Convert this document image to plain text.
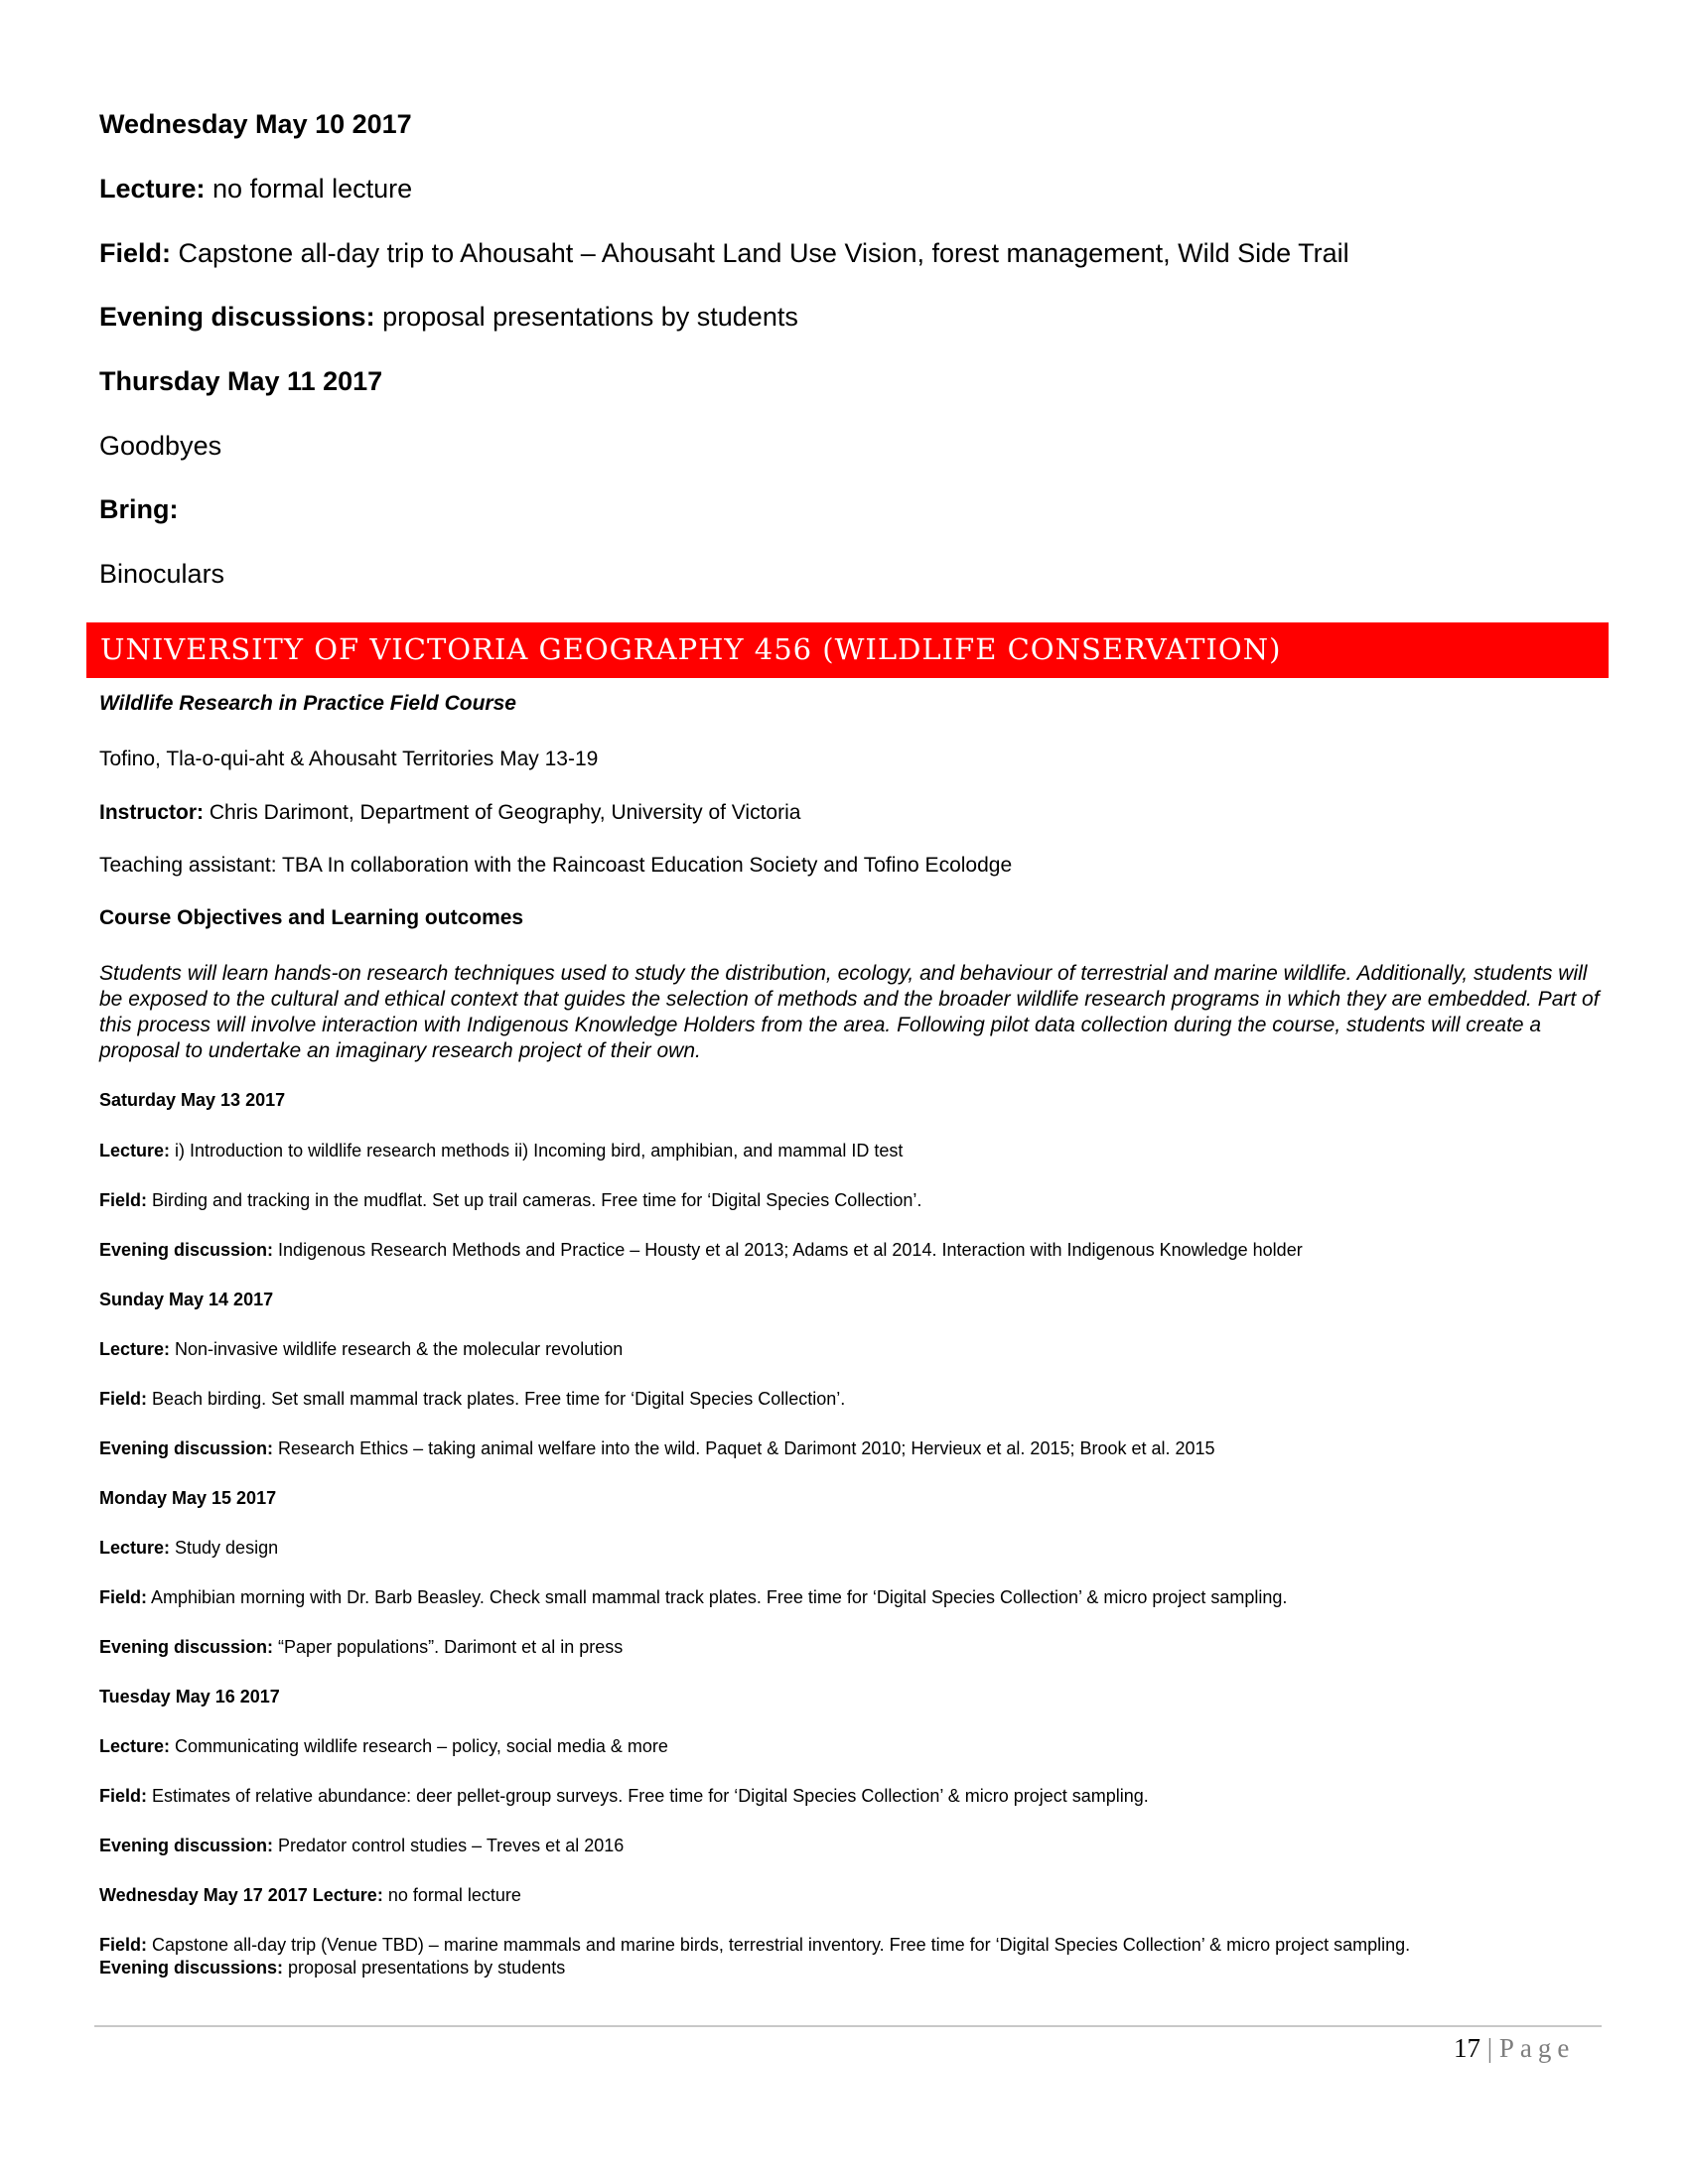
Wednesday May 10 2017
Lecture: no formal lecture
Field: Capstone all-day trip to Ahousaht – Ahousaht Land Use Vision, forest management, Wild Side Trail
Evening discussions: proposal presentations by students
Thursday May 11 2017
Goodbyes
Bring:
Binoculars
UNIVERSITY OF VICTORIA GEOGRAPHY 456 (WILDLIFE CONSERVATION)
Wildlife Research in Practice Field Course
Tofino, Tla-o-qui-aht & Ahousaht Territories May 13-19
Instructor: Chris Darimont, Department of Geography, University of Victoria
Teaching assistant: TBA In collaboration with the Raincoast Education Society and Tofino Ecolodge
Course Objectives and Learning outcomes
Students will learn hands-on research techniques used to study the distribution, ecology, and behaviour of terrestrial and marine wildlife. Additionally, students will be exposed to the cultural and ethical context that guides the selection of methods and the broader wildlife research programs in which they are embedded. Part of this process will involve interaction with Indigenous Knowledge Holders from the area. Following pilot data collection during the course, students will create a proposal to undertake an imaginary research project of their own.
Saturday May 13 2017
Lecture: i) Introduction to wildlife research methods ii) Incoming bird, amphibian, and mammal ID test
Field: Birding and tracking in the mudflat. Set up trail cameras. Free time for ‘Digital Species Collection’.
Evening discussion: Indigenous Research Methods and Practice – Housty et al 2013; Adams et al 2014. Interaction with Indigenous Knowledge holder
Sunday May 14 2017
Lecture: Non-invasive wildlife research & the molecular revolution
Field: Beach birding. Set small mammal track plates. Free time for ‘Digital Species Collection’.
Evening discussion: Research Ethics – taking animal welfare into the wild. Paquet & Darimont 2010; Hervieux et al. 2015; Brook et al. 2015
Monday May 15 2017
Lecture: Study design
Field: Amphibian morning with Dr. Barb Beasley. Check small mammal track plates. Free time for ‘Digital Species Collection’ & micro project sampling.
Evening discussion: “Paper populations”. Darimont et al in press
Tuesday May 16 2017
Lecture: Communicating wildlife research – policy, social media & more
Field: Estimates of relative abundance: deer pellet-group surveys. Free time for ‘Digital Species Collection’ & micro project sampling.
Evening discussion: Predator control studies – Treves et al 2016
Wednesday May 17 2017 Lecture: no formal lecture
Field: Capstone all-day trip (Venue TBD) – marine mammals and marine birds, terrestrial inventory. Free time for ‘Digital Species Collection’ & micro project sampling.
Evening discussions: proposal presentations by students
17 | Page
